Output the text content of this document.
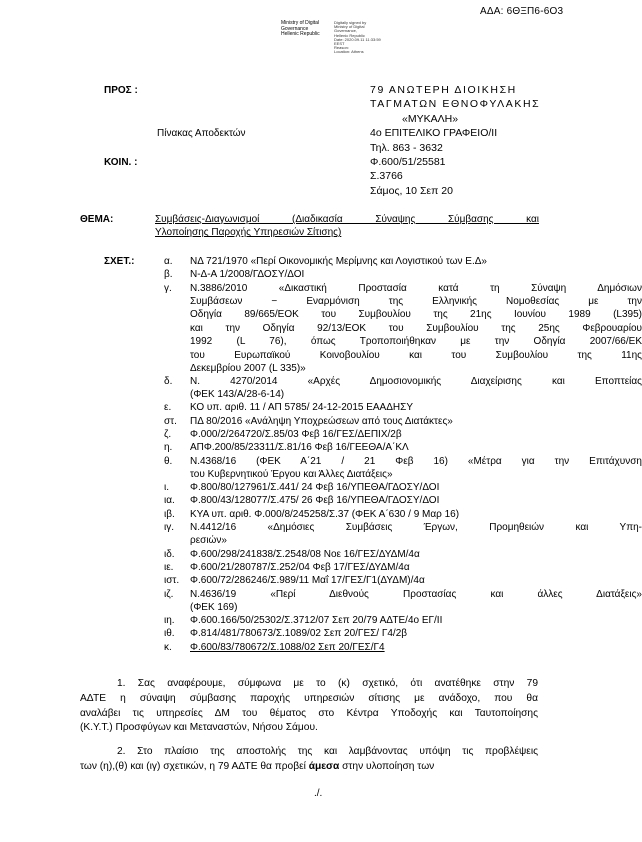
ΑΔΑ: 6ΘΞΠ6-6Ο3
Ministry of Digital
Governance
Hellenic Republic
Digitally signed by
Ministry of Digital
Governance,
Hellenic Republic
Date: 2020.09.11 11:33:59
EEST
Reason:
Location: Athens
ΠΡΟΣ :
Πίνακας Αποδεκτών
ΚΟΙΝ. :
79 ΑΝΩΤΕΡΗ ΔΙΟΙΚΗΣΗ
ΤΑΓΜΑΤΩΝ ΕΘΝΟΦΥΛΑΚΗΣ
«ΜΥΚΑΛΗ»
4ο ΕΠΙΤΕΛΙΚΟ ΓΡΑΦΕΙΟ/ΙΙ
Τηλ. 863 - 3632
Φ.600/51/25581
Σ.3766
Σάμος, 10 Σεπ 20
ΘΕΜΑ:	Συμβάσεις-Διαγωνισμοί (Διαδικασία Σύναψης Σύμβασης και
Υλοποίησης Παροχής Υπηρεσιών Σίτισης)
ΣΧΕΤ.:	α. ΝΔ 721/1970 «Περί Οικονομικής Μερίμνης και Λογιστικού των Ε.Δ»
β. Ν-Δ-Α 1/2008/ΓΔΟΣΥ/ΔΟΙ
γ. Ν.3886/2010 «Δικαστική Προστασία κατά τη Σύναψη Δημόσιων
Συμβάσεων − Εναρμόνιση της Ελληνικής Νομοθεσίας με την
Οδηγία 89/665/ΕΟΚ του Συμβουλίου της 21ης Ιουνίου 1989 (L395)
και την Οδηγία 92/13/ΕΟΚ του Συμβουλίου της 25ης Φεβρουαρίου
1992 (L 76), όπως Τροποποιήθηκαν με την Οδηγία 2007/66/ΕΚ
του Ευρωπαϊκού Κοινοβουλίου και του Συμβουλίου της 11ης
Δεκεμβρίου 2007 (L 335)»
δ. Ν. 4270/2014 «Αρχές Δημοσιονομικής Διαχείρισης και Εποπτείας
(ΦΕΚ 143/Α/28-6-14)
ε. ΚΟ υπ. αριθ. 11 / ΑΠ 5785/ 24-12-2015 ΕΑΑΔΗΣΥ
στ. ΠΔ 80/2016 «Ανάληψη Υποχρεώσεων από τους Διατάκτες»
ζ. Φ.000/2/264720/Σ.85/03 Φεβ 16/ΓΕΣ/ΔΕΠΙΧ/2β
η. ΑΠΦ.200/85/23311/Σ.81/16 Φεβ 16/ΓΕΕΘΑ/Α΄ΚΛ
θ. Ν.4368/16 (ΦΕΚ Α΄21 / 21 Φεβ 16) «Μέτρα για την Επιτάχυνση
του Κυβερνητικού Έργου και Άλλες Διατάξεις»
ι. Φ.800/80/127961/Σ.441/ 24 Φεβ 16/ΥΠΕΘΑ/ΓΔΟΣΥ/ΔΟΙ
ια. Φ.800/43/128077/Σ.475/ 26 Φεβ 16/ΥΠΕΘΑ/ΓΔΟΣΥ/ΔΟΙ
ιβ. ΚΥΑ υπ. αριθ. Φ.000/8/245258/Σ.37 (ΦΕΚ Α΄630 / 9 Μαρ 16)
ιγ. Ν.4412/16 «Δημόσιες Συμβάσεις Έργων, Προμηθειών και Υπη-
ρεσιών»
ιδ. Φ.600/298/241838/Σ.2548/08 Νοε 16/ΓΕΣ/ΔΥΔΜ/4α
ιε. Φ.600/21/280787/Σ.252/04 Φεβ 17/ΓΕΣ/ΔΥΔΜ/4α
ιστ. Φ.600/72/286246/Σ.989/11 Μαΐ 17/ΓΕΣ/Γ1(ΔΥΔΜ)/4α
ιζ. Ν.4636/19 «Περί Διεθνούς Προστασίας και άλλες Διατάξεις»
(ΦΕΚ 169)
ιη. Φ.600.166/50/25302/Σ.3712/07 Σεπ 20/79 ΑΔΤΕ/4ο ΕΓ/ΙΙ
ιθ. Φ.814/481/780673/Σ.1089/02 Σεπ 20/ΓΕΣ/ Γ4/2β
κ. Φ.600/83/780672/Σ.1088/02 Σεπ 20/ΓΕΣ/Γ4
1. Σας αναφέρουμε, σύμφωνα με το (κ) σχετικό, ότι ανατέθηκε στην 79
ΑΔΤΕ η σύναψη σύμβασης παροχής υπηρεσιών σίτισης με ανάδοχο, που θα
αναλάβει τις υπηρεσίες ΔΜ του θέματος στο Κέντρα Υποδοχής και Ταυτοποίησης
(Κ.Υ.Τ.) Προσφύγων και Μεταναστών, Νήσου Σάμου.
2. Στο πλαίσιο της αποστολής της και λαμβάνοντας υπόψη τις προβλέψεις
των (η),(θ) και (ιγ) σχετικών, η 79 ΑΔΤΕ θα προβεί άμεσα στην υλοποίηση των
./.
